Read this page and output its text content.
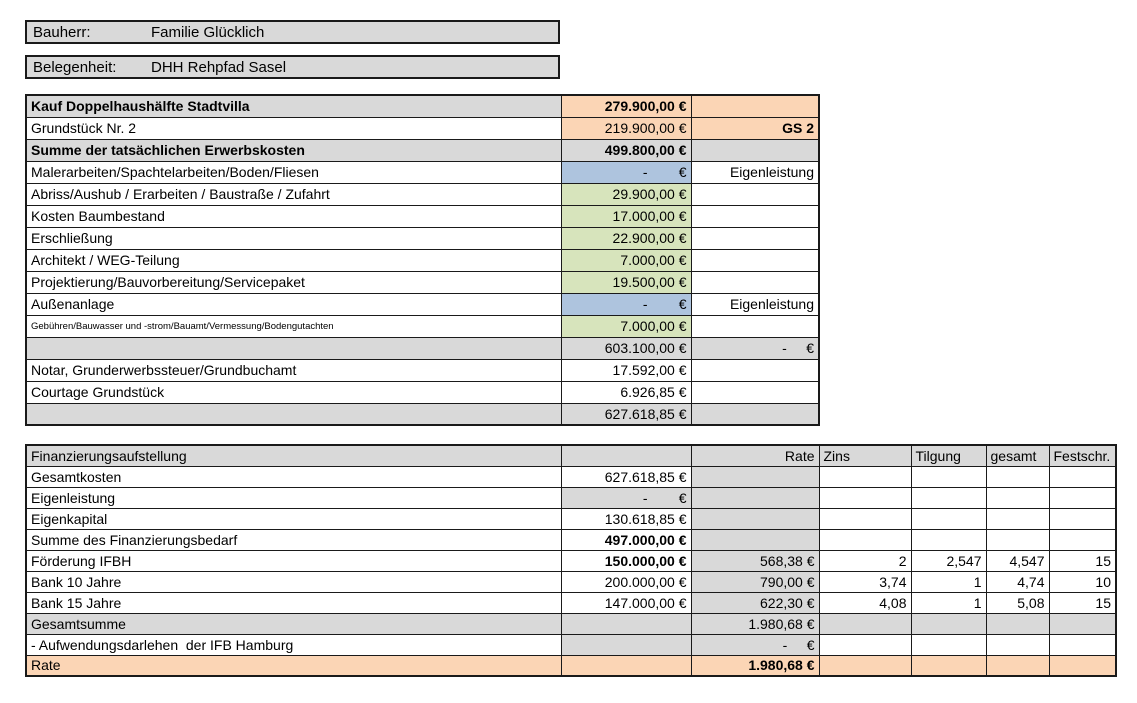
Bauherr:	Familie Glücklich
Belegenheit:	DHH Rehpfad Sasel
Kauf Doppelhaushälfte Stadtvilla	279.900,00 €	
Grundstück Nr. 2	219.900,00 €	GS 2
Summe der tatsächlichen Erwerbskosten	499.800,00 €	
Malerarbeiten/Spachtelarbeiten/Boden/Fliesen	-        €	Eigenleistung
Abriss/Aushub / Erarbeiten / Baustraße / Zufahrt	29.900,00 €	
Kosten Baumbestand	17.000,00 €	
Erschließung	22.900,00 €	
Architekt / WEG-Teilung	7.000,00 €	
Projektierung/Bauvorbereitung/Servicepaket	19.500,00 €	
Außenanlage	-        €	Eigenleistung
Gebühren/Bauwasser und -strom/Bauamt/Vermessung/Bodengutachten	7.000,00 €	
	603.100,00 €	-     €
Notar, Grunderwerbssteuer/Grundbuchamt	17.592,00 €	
Courtage Grundstück	6.926,85 €	
	627.618,85 €	
Finanzierungsaufstellung		Rate	Zins	Tilgung	gesamt	Festschr.
Gesamtkosten	627.618,85 €					
Eigenleistung	-        €					
Eigenkapital	130.618,85 €					
Summe des Finanzierungsbedarf	497.000,00 €					
Förderung IFBH	150.000,00 €	568,38 €	2	2,547	4,547	15
Bank 10 Jahre	200.000,00 €	790,00 €	3,74	1	4,74	10
Bank 15 Jahre	147.000,00 €	622,30 €	4,08	1	5,08	15
Gesamtsumme		1.980,68 €				
- Aufwendungsdarlehen  der IFB Hamburg		-     €				
Rate		1.980,68 €				
